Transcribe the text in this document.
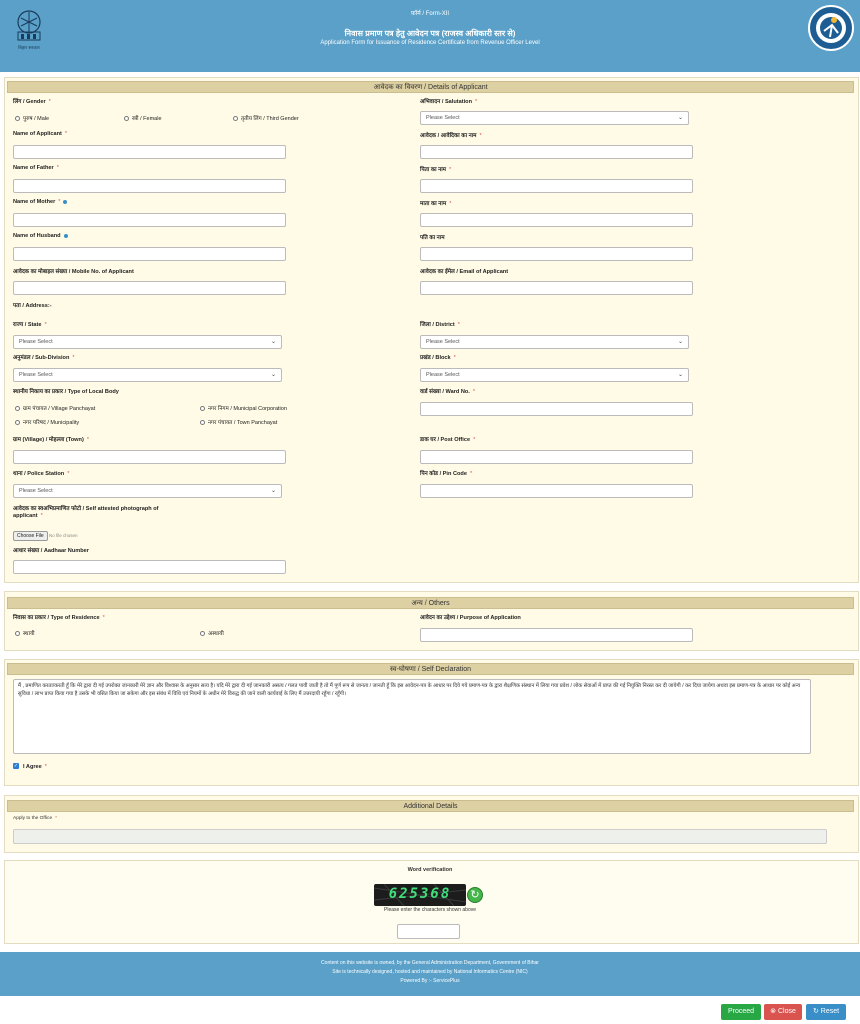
बिहार सरकार
फ़ॉर्म / Form-XII
निवास प्रमाण पत्र हेतु आवेदन पत्र (राजस्व अधिकारी स्तर से)
Application Form for Issuance of Residence Certificate from Revenue Officer Level
आवेदक का विवरण / Details of Applicant
लिंग / Gender *
पुरुष / Male	स्त्री / Female	तृतीय लिंग / Third Gender
अभिवादन / Salutation *
Please Select	⌄
Name of Applicant *	आवेदक / आवेदिका का नाम *
Name of Father *	पिता का नाम *
Name of Mother *	माता का नाम *
Name of Husband	पति का नाम
आवेदक का मोबाइल संख्या / Mobile No. of Applicant	आवेदक का ईमेल / Email of Applicant
पता / Address:-
राज्य / State *
Please Select	⌄
जिला / District *
Please Select	⌄
अनुमंडल / Sub-Division *
Please Select	⌄
प्रखंड / Block *
Please Select	⌄
स्थानीय निकाय का प्रकार / Type of Local Body
ग्राम पंचायत / Village Panchayat	नगर निगम / Municipal Corporation
नगर परिषद / Municipality	नगर पंचायत / Town Panchayat
वार्ड संख्या / Ward No. *
ग्राम (Village) / मोहल्ला (Town) *	डाक घर / Post Office *
थाना / Police Station *
Please Select	⌄
पिन कोड / Pin Code *
आवेदक का स्वअभिप्रमाणित फोटो / Self attested photograph of
applicant *
Choose File	No file chosen
आधार संख्या / Aadhaar Number
अन्य / Others
निवास का प्रकार / Type of Residence *
स्थायी	अस्थायी
आवेदन का उद्देश्य / Purpose of Application
स्व-घोषणा / Self Declaration
मैं , प्रमाणित करता/करती हूँ कि मेरे द्वारा दी गई उपरोक्त जानकारी मेरे ज्ञान और विश्वास के अनुसार सत्य है। यदि मेरे द्वारा दी गई जानकारी असत्य / गलत पायी जाती है तो मैं पूर्ण रूप से जानता / जानती हूँ कि इस आवेदन-पत्र के आधार पर दिये गये प्रमाण-पत्र के द्वारा शैक्षणिक संस्थान में लिया गया प्रवेश / लोक सेवाओं में प्राप्त की गई नियुक्ति निरस्त कर दी जायेगी / कर दिया जायेगा अथवा इस प्रमाण-पत्र के आधार पर कोई अन्य सुविधा / लाभ प्राप्त किया गया है उसके भी वसित किया जा सकेगा और इस संबंध में विधि एवं नियमों के अधीन मेरे विरुद्ध की जाने वाली कार्यवाई के लिए मैं उत्तरदायी रहूँगा / रहूँगी।
✓ I Agree *
Additional Details
Apply to the Office *
Word verification
625368	↻
Please enter the characters shown above
Content on this website is owned, by the General Administration Department, Government of Bihar
Site is technically designed, hosted and maintained by National Informatics Centre (NIC)
Powered By :- ServicePlus
Proceed	⊗ Close	↻ Reset
